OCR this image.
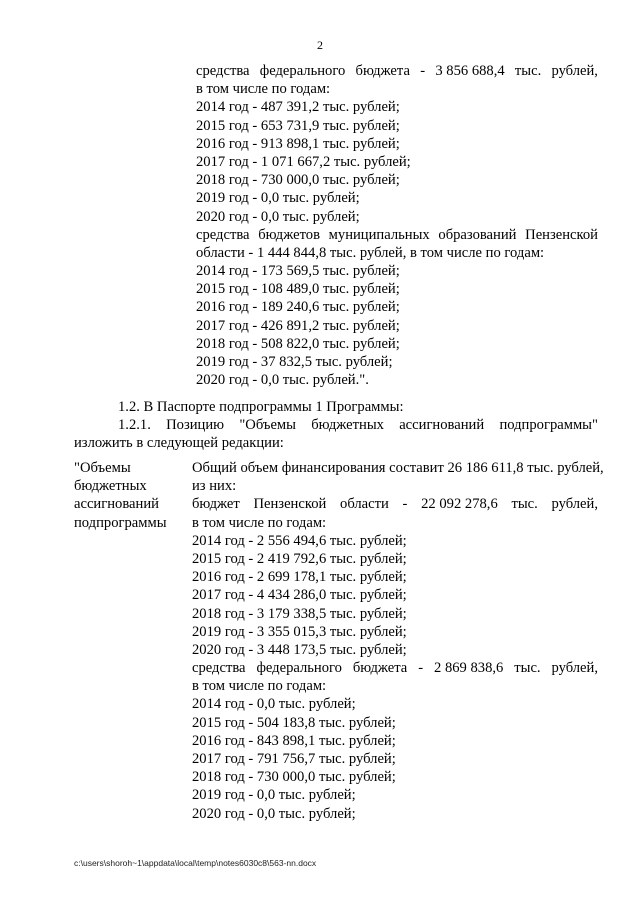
2
средства федерального бюджета - 3 856 688,4 тыс. рублей,
в том числе по годам:
2014 год - 487 391,2 тыс. рублей;
2015 год - 653 731,9 тыс. рублей;
2016 год - 913 898,1 тыс. рублей;
2017 год - 1 071 667,2 тыс. рублей;
2018 год - 730 000,0 тыс. рублей;
2019 год - 0,0 тыс. рублей;
2020 год - 0,0 тыс. рублей;
средства бюджетов муниципальных образований Пензенской
области - 1 444 844,8 тыс. рублей, в том числе по годам:
2014 год - 173 569,5 тыс. рублей;
2015 год - 108 489,0 тыс. рублей;
2016 год - 189 240,6 тыс. рублей;
2017 год - 426 891,2 тыс. рублей;
2018 год - 508 822,0 тыс. рублей;
2019 год - 37 832,5 тыс. рублей;
2020 год - 0,0 тыс. рублей.".
1.2. В Паспорте подпрограммы 1 Программы:
1.2.1. Позицию "Объемы бюджетных ассигнований подпрограммы"
изложить в следующей редакции:
"Объемы
бюджетных
ассигнований
подпрограммы
Общий объем финансирования составит 26 186 611,8 тыс. рублей,
из них:
бюджет Пензенской области - 22 092 278,6 тыс. рублей,
в том числе по годам:
2014 год - 2 556 494,6 тыс. рублей;
2015 год - 2 419 792,6 тыс. рублей;
2016 год - 2 699 178,1 тыс. рублей;
2017 год - 4 434 286,0 тыс. рублей;
2018 год - 3 179 338,5 тыс. рублей;
2019 год - 3 355 015,3 тыс. рублей;
2020 год - 3 448 173,5 тыс. рублей;
средства федерального бюджета - 2 869 838,6 тыс. рублей,
в том числе по годам:
2014 год - 0,0 тыс. рублей;
2015 год - 504 183,8 тыс. рублей;
2016 год - 843 898,1 тыс. рублей;
2017 год - 791 756,7 тыс. рублей;
2018 год - 730 000,0 тыс. рублей;
2019 год - 0,0 тыс. рублей;
2020 год - 0,0 тыс. рублей;
c:\users\shoroh~1\appdata\local\temp\notes6030c8\563-nn.docx
